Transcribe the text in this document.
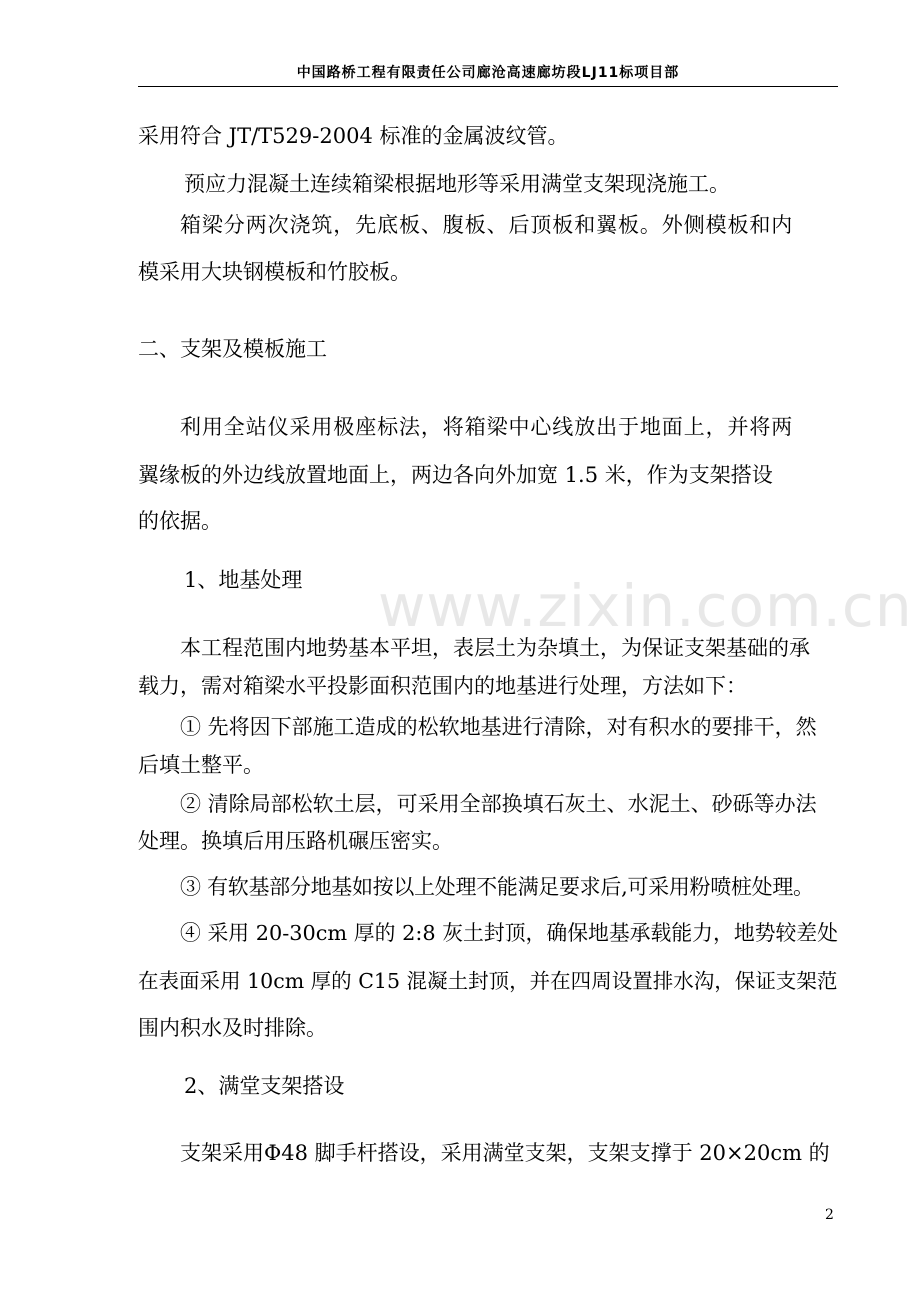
中国路桥工程有限责任公司廊沧高速廊坊段LJ11标项目部
www.zixin.com.cn
采用符合 JT/T529-2004 标准的金属波纹管。
预应力混凝土连续箱梁根据地形等采用满堂支架现浇施工。
箱梁分两次浇筑，先底板、腹板、后顶板和翼板。外侧模板和内
模采用大块钢模板和竹胶板。
二、支架及模板施工
利用全站仪采用极座标法，将箱梁中心线放出于地面上，并将两
翼缘板的外边线放置地面上，两边各向外加宽 1.5 米，作为支架搭设
的依据。
1、地基处理
本工程范围内地势基本平坦，表层土为杂填土，为保证支架基础的承
载力，需对箱梁水平投影面积范围内的地基进行处理，方法如下：
① 先将因下部施工造成的松软地基进行清除，对有积水的要排干，然
后填土整平。
② 清除局部松软土层，可采用全部换填石灰土、水泥土、砂砾等办法
处理。换填后用压路机碾压密实。
③ 有软基部分地基如按以上处理不能满足要求后,可采用粉喷桩处理。
④ 采用 20-30cm 厚的 2:8 灰土封顶，确保地基承载能力，地势较差处
在表面采用 10cm 厚的 C15 混凝土封顶，并在四周设置排水沟，保证支架范
围内积水及时排除。
2、满堂支架搭设
支架采用Φ48 脚手杆搭设，采用满堂支架，支架支撑于 20×20cm 的
2
